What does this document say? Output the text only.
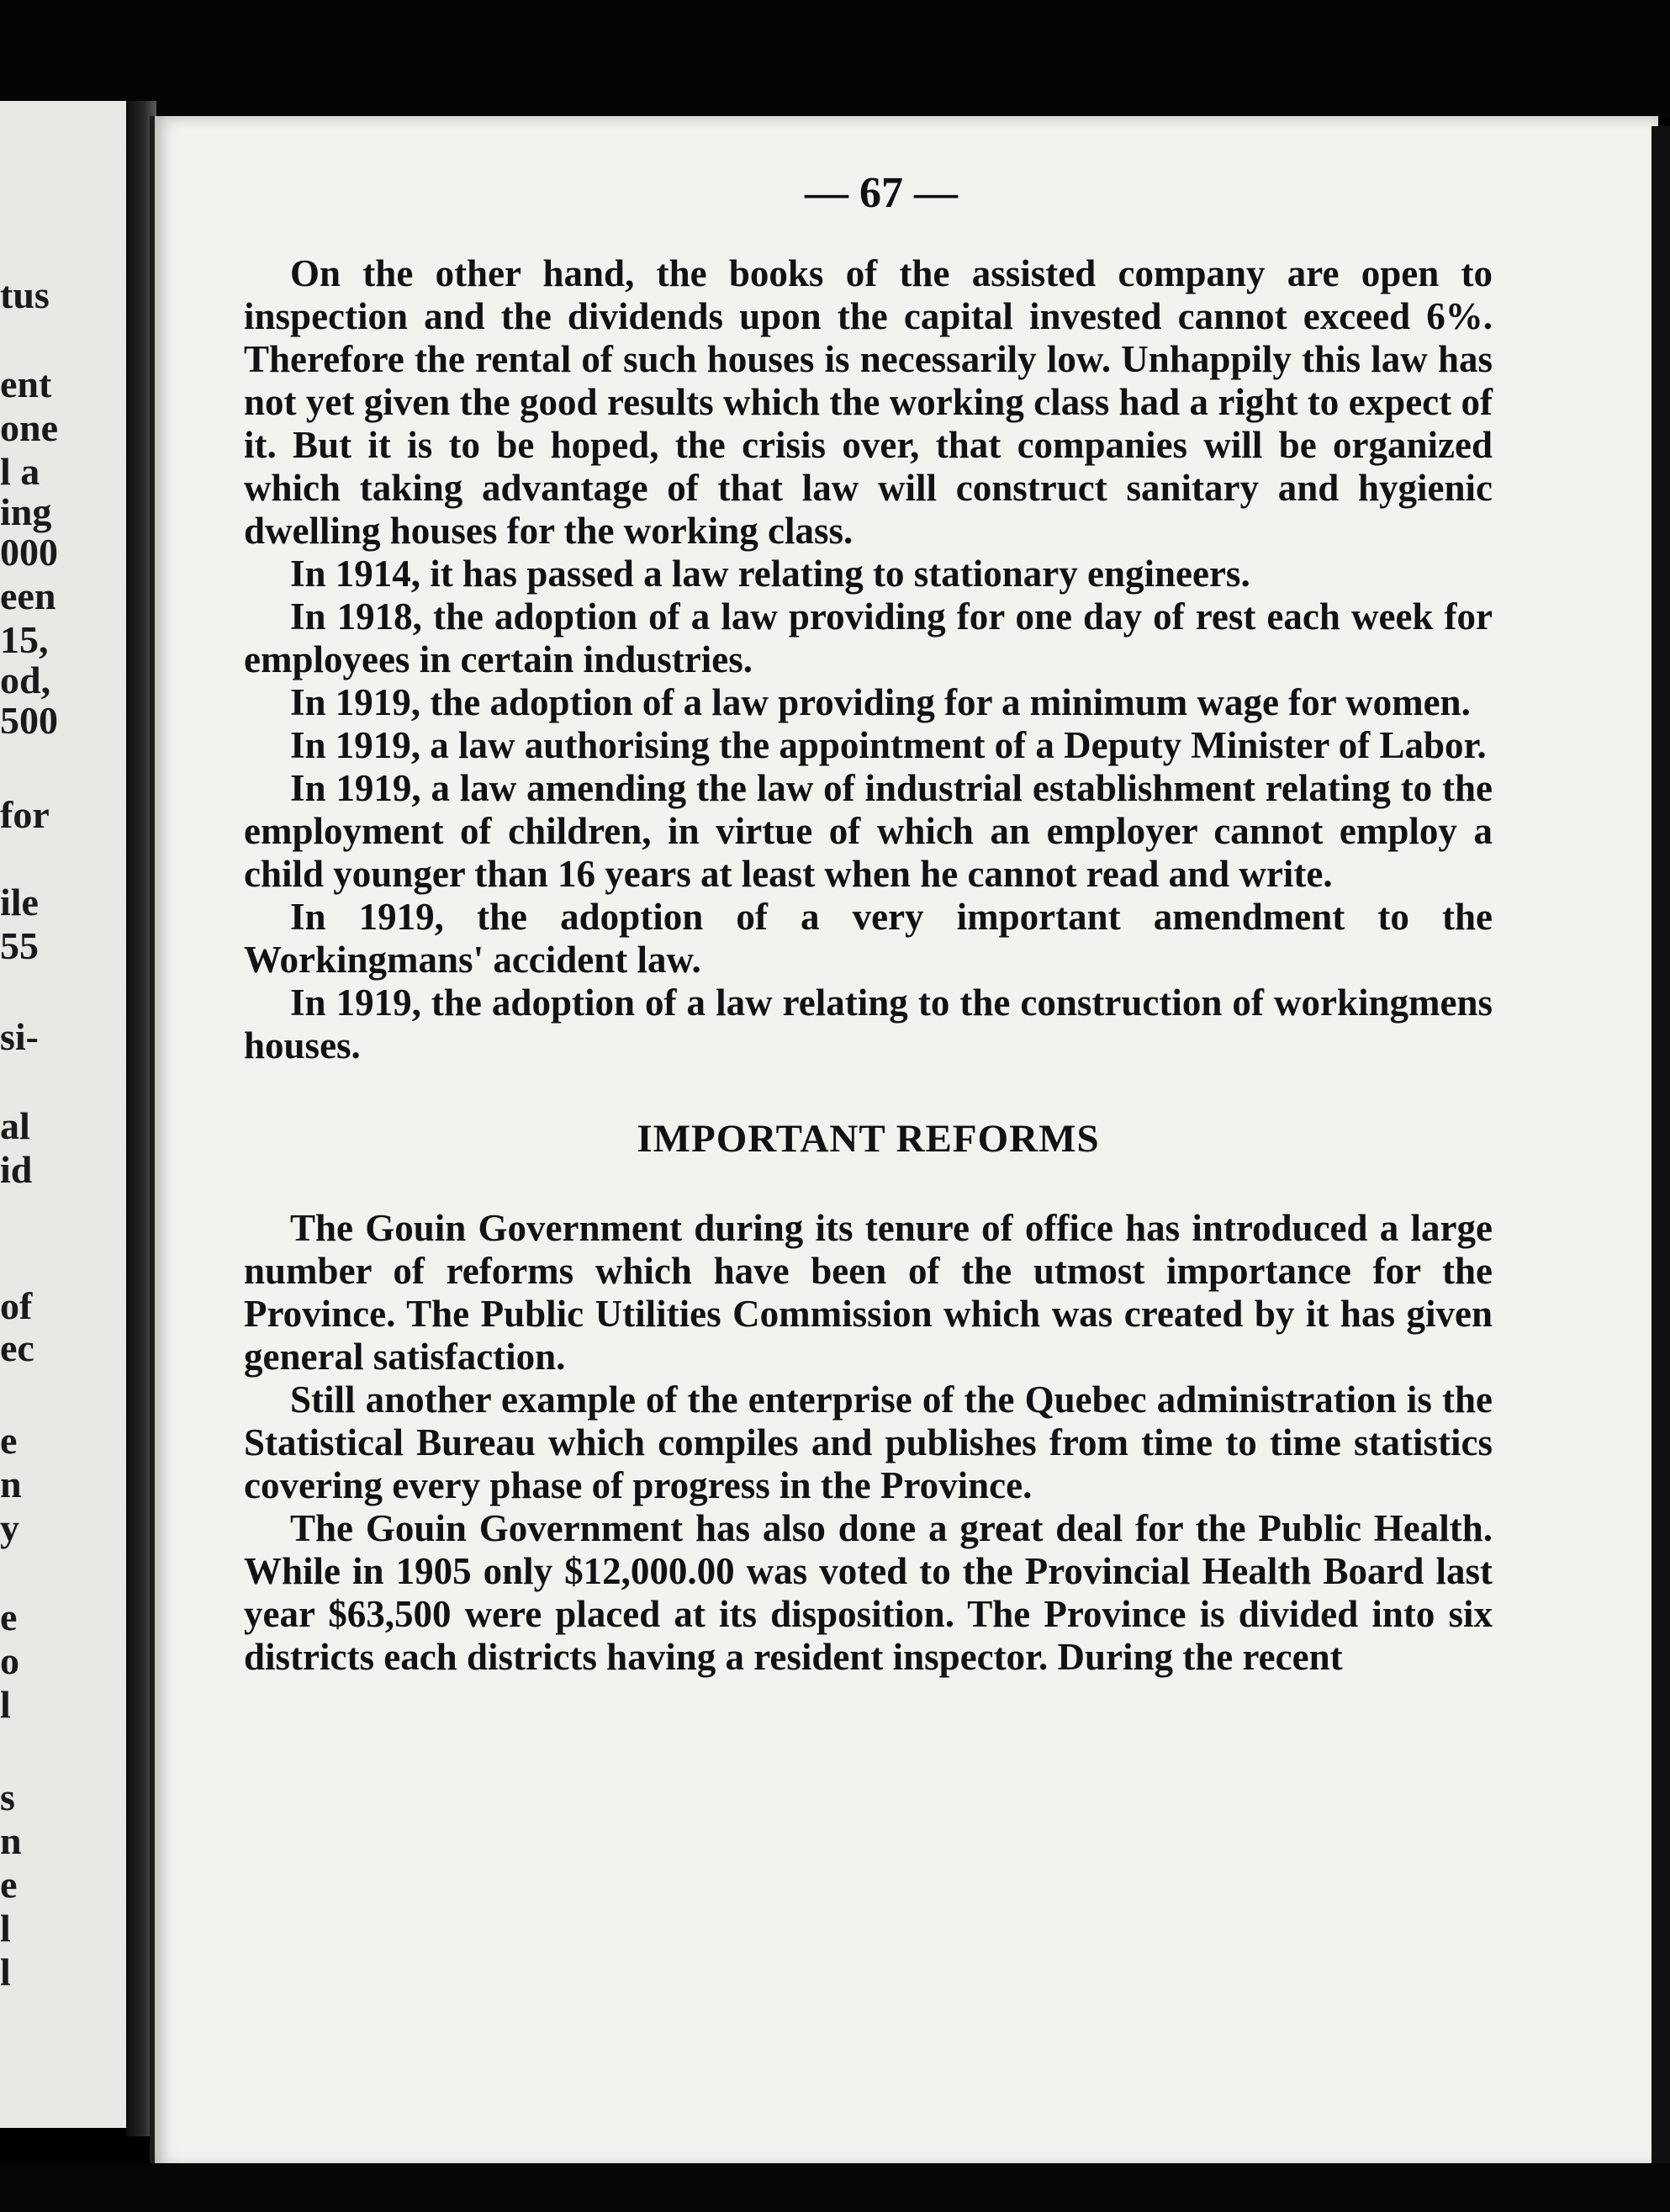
tus
ent
one
l a
ing
000
een
15,
od,
500
for
ile
55
si-
al
id
of
ec
e
n
y
e
o
l
s
n
e
l
l
— 67 —

On the other hand, the books of the assisted company are open to inspection and the dividends upon the capital invested cannot exceed 6%. Therefore the rental of such houses is necessarily low. Unhappily this law has not yet given the good results which the working class had a right to expect of it. But it is to be hoped, the crisis over, that companies will be organized which taking advantage of that law will construct sanitary and hygienic dwelling houses for the working class.

In 1914, it has passed a law relating to stationary engineers.

In 1918, the adoption of a law providing for one day of rest each week for employees in certain industries.

In 1919, the adoption of a law providing for a minimum wage for women.

In 1919, a law authorising the appointment of a Deputy Minister of Labor.

In 1919, a law amending the law of industrial establishment relating to the employment of children, in virtue of which an employer cannot employ a child younger than 16 years at least when he cannot read and write.

In 1919, the adoption of a very important amendment to the Workingmans' accident law.

In 1919, the adoption of a law relating to the construction of workingmens houses.

IMPORTANT REFORMS

The Gouin Government during its tenure of office has introduced a large number of reforms which have been of the utmost importance for the Province. The Public Utilities Commission which was created by it has given general satisfaction.

Still another example of the enterprise of the Quebec administration is the Statistical Bureau which compiles and publishes from time to time statistics covering every phase of progress in the Province.

The Gouin Government has also done a great deal for the Public Health. While in 1905 only $12,000.00 was voted to the Provincial Health Board last year $63,500 were placed at its disposition. The Province is divided into six districts each districts having a resident inspector. During the recent
